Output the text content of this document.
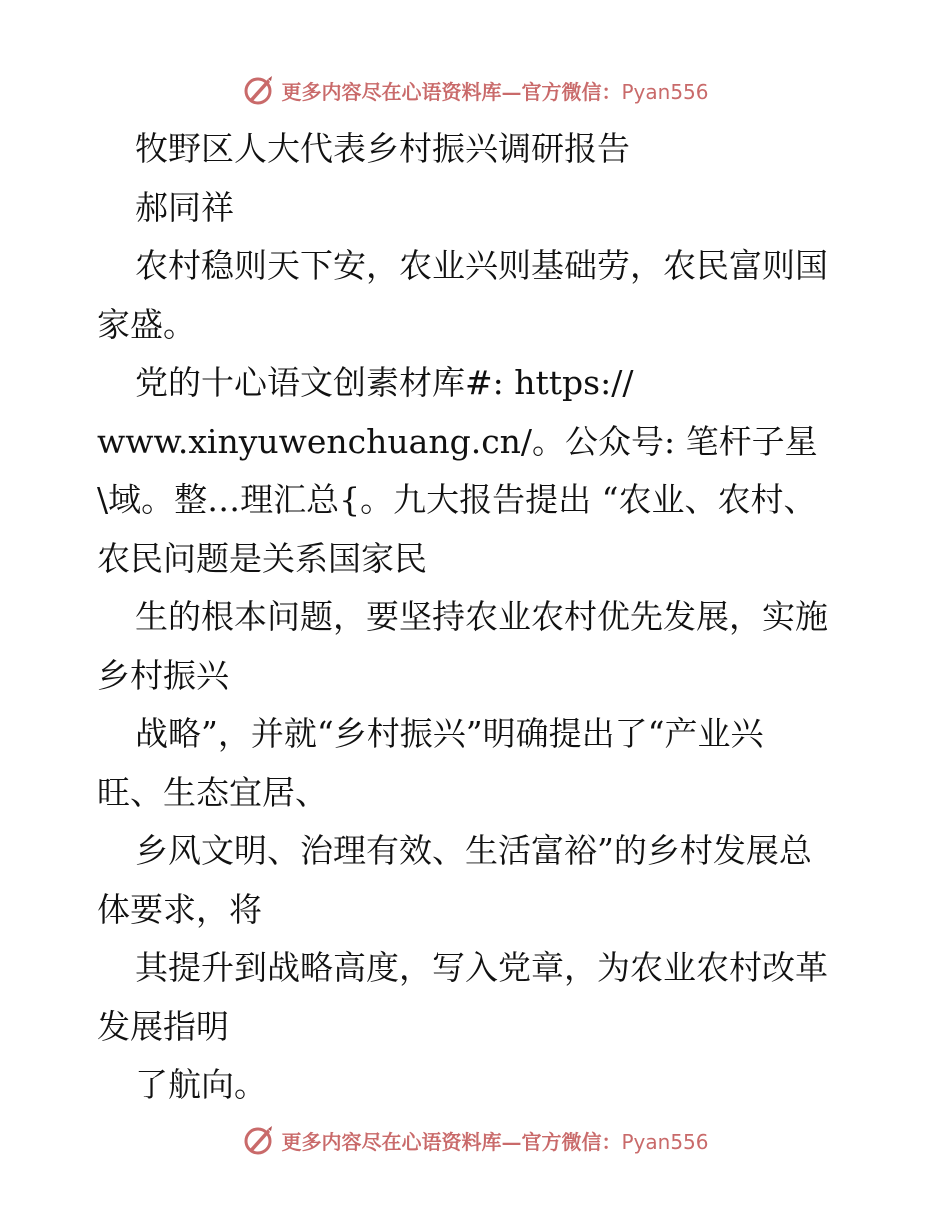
更多内容尽在心语资料库—官方微信：Pyan556
牧野区人大代表乡村振兴调研报告
郝同祥
农村稳则天下安，农业兴则基础劳，农民富则国
家盛。
党的十心语文创素材库#: https://
www.xinyuwenchuang.cn/。公众号: 笔杆子星
\域。整…理汇总{。九大报告提出 “农业、农村、
农民问题是关系国家民
生的根本问题，要坚持农业农村优先发展，实施
乡村振兴
战略”，并就“乡村振兴”明确提出了“产业兴
旺、生态宜居、
乡风文明、治理有效、生活富裕”的乡村发展总
体要求，将
其提升到战略高度，写入党章，为农业农村改革
发展指明
了航向。
更多内容尽在心语资料库—官方微信：Pyan556
